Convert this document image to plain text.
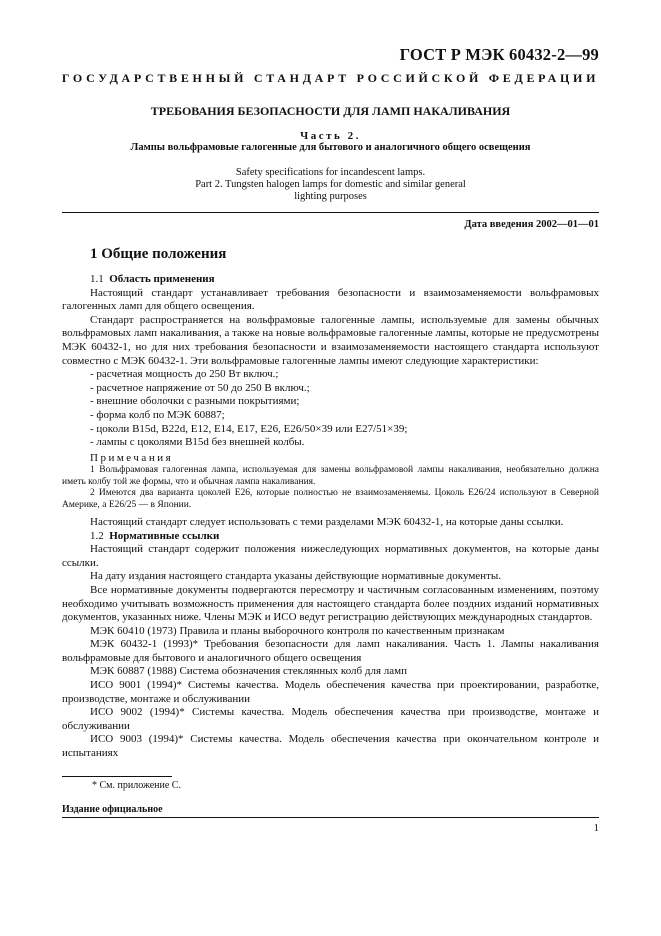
ГОСТ Р МЭК 60432-2—99
ГОСУДАРСТВЕННЫЙ СТАНДАРТ РОССИЙСКОЙ ФЕДЕРАЦИИ
ТРЕБОВАНИЯ БЕЗОПАСНОСТИ ДЛЯ ЛАМП НАКАЛИВАНИЯ
Часть 2.
Лампы вольфрамовые галогенные для бытового и аналогичного общего освещения
Safety specifications for incandescent lamps.
Part 2. Tungsten halogen lamps for domestic and similar general
lighting purposes
Дата введения 2002—01—01
1 Общие положения

1.1 Область применения

Настоящий стандарт устанавливает требования безопасности и взаимозаменяемости вольфрамовых галогенных ламп для общего освещения.

Стандарт распространяется на вольфрамовые галогенные лампы, используемые для замены обычных вольфрамовых ламп накаливания, а также на новые вольфрамовые галогенные лампы, которые не предусмотрены МЭК 60432-1, но для них требования безопасности и взаимозаменяемости настоящего стандарта используют совместно с МЭК 60432-1. Эти вольфрамовые галогенные лампы имеют следующие характеристики:

- расчетная мощность до 250 Вт включ.;

- расчетное напряжение от 50 до 250 В включ.;

- внешние оболочки с разными покрытиями;

- форма колб по МЭК 60887;

- цоколи B15d, B22d, E12, E14, E17, E26, E26/50×39 или E27/51×39;

- лампы с цоколями B15d без внешней колбы.

Примечания

1 Вольфрамовая галогенная лампа, используемая для замены вольфрамовой лампы накаливания, необязательно должна иметь колбу той же формы, что и обычная лампа накаливания.

2 Имеются два варианта цоколей E26, которые полностью не взаимозаменяемы. Цоколь E26/24 используют в Северной Америке, а E26/25 — в Японии.

Настоящий стандарт следует использовать с теми разделами МЭК 60432-1, на которые даны ссылки.

1.2 Нормативные ссылки

Настоящий стандарт содержит положения нижеследующих нормативных документов, на которые даны ссылки.

На дату издания настоящего стандарта указаны действующие нормативные документы.

Все нормативные документы подвергаются пересмотру и частичным согласованным изменениям, поэтому необходимо учитывать возможность применения для настоящего стандарта более поздних изданий нормативных документов, указанных ниже. Члены МЭК и ИСО ведут регистрацию действующих международных стандартов.

МЭК 60410 (1973) Правила и планы выборочного контроля по качественным признакам

МЭК 60432-1 (1993)* Требования безопасности для ламп накаливания. Часть 1. Лампы накаливания вольфрамовые для бытового и аналогичного общего освещения

МЭК 60887 (1988) Система обозначения стеклянных колб для ламп

ИСО 9001 (1994)* Системы качества. Модель обеспечения качества при проектировании, разработке, производстве, монтаже и обслуживании

ИСО 9002 (1994)* Системы качества. Модель обеспечения качества при производстве, монтаже и обслуживании

ИСО 9003 (1994)* Системы качества. Модель обеспечения качества при окончательном контроле и испытаниях

* См. приложение С.
Издание официальное
1
